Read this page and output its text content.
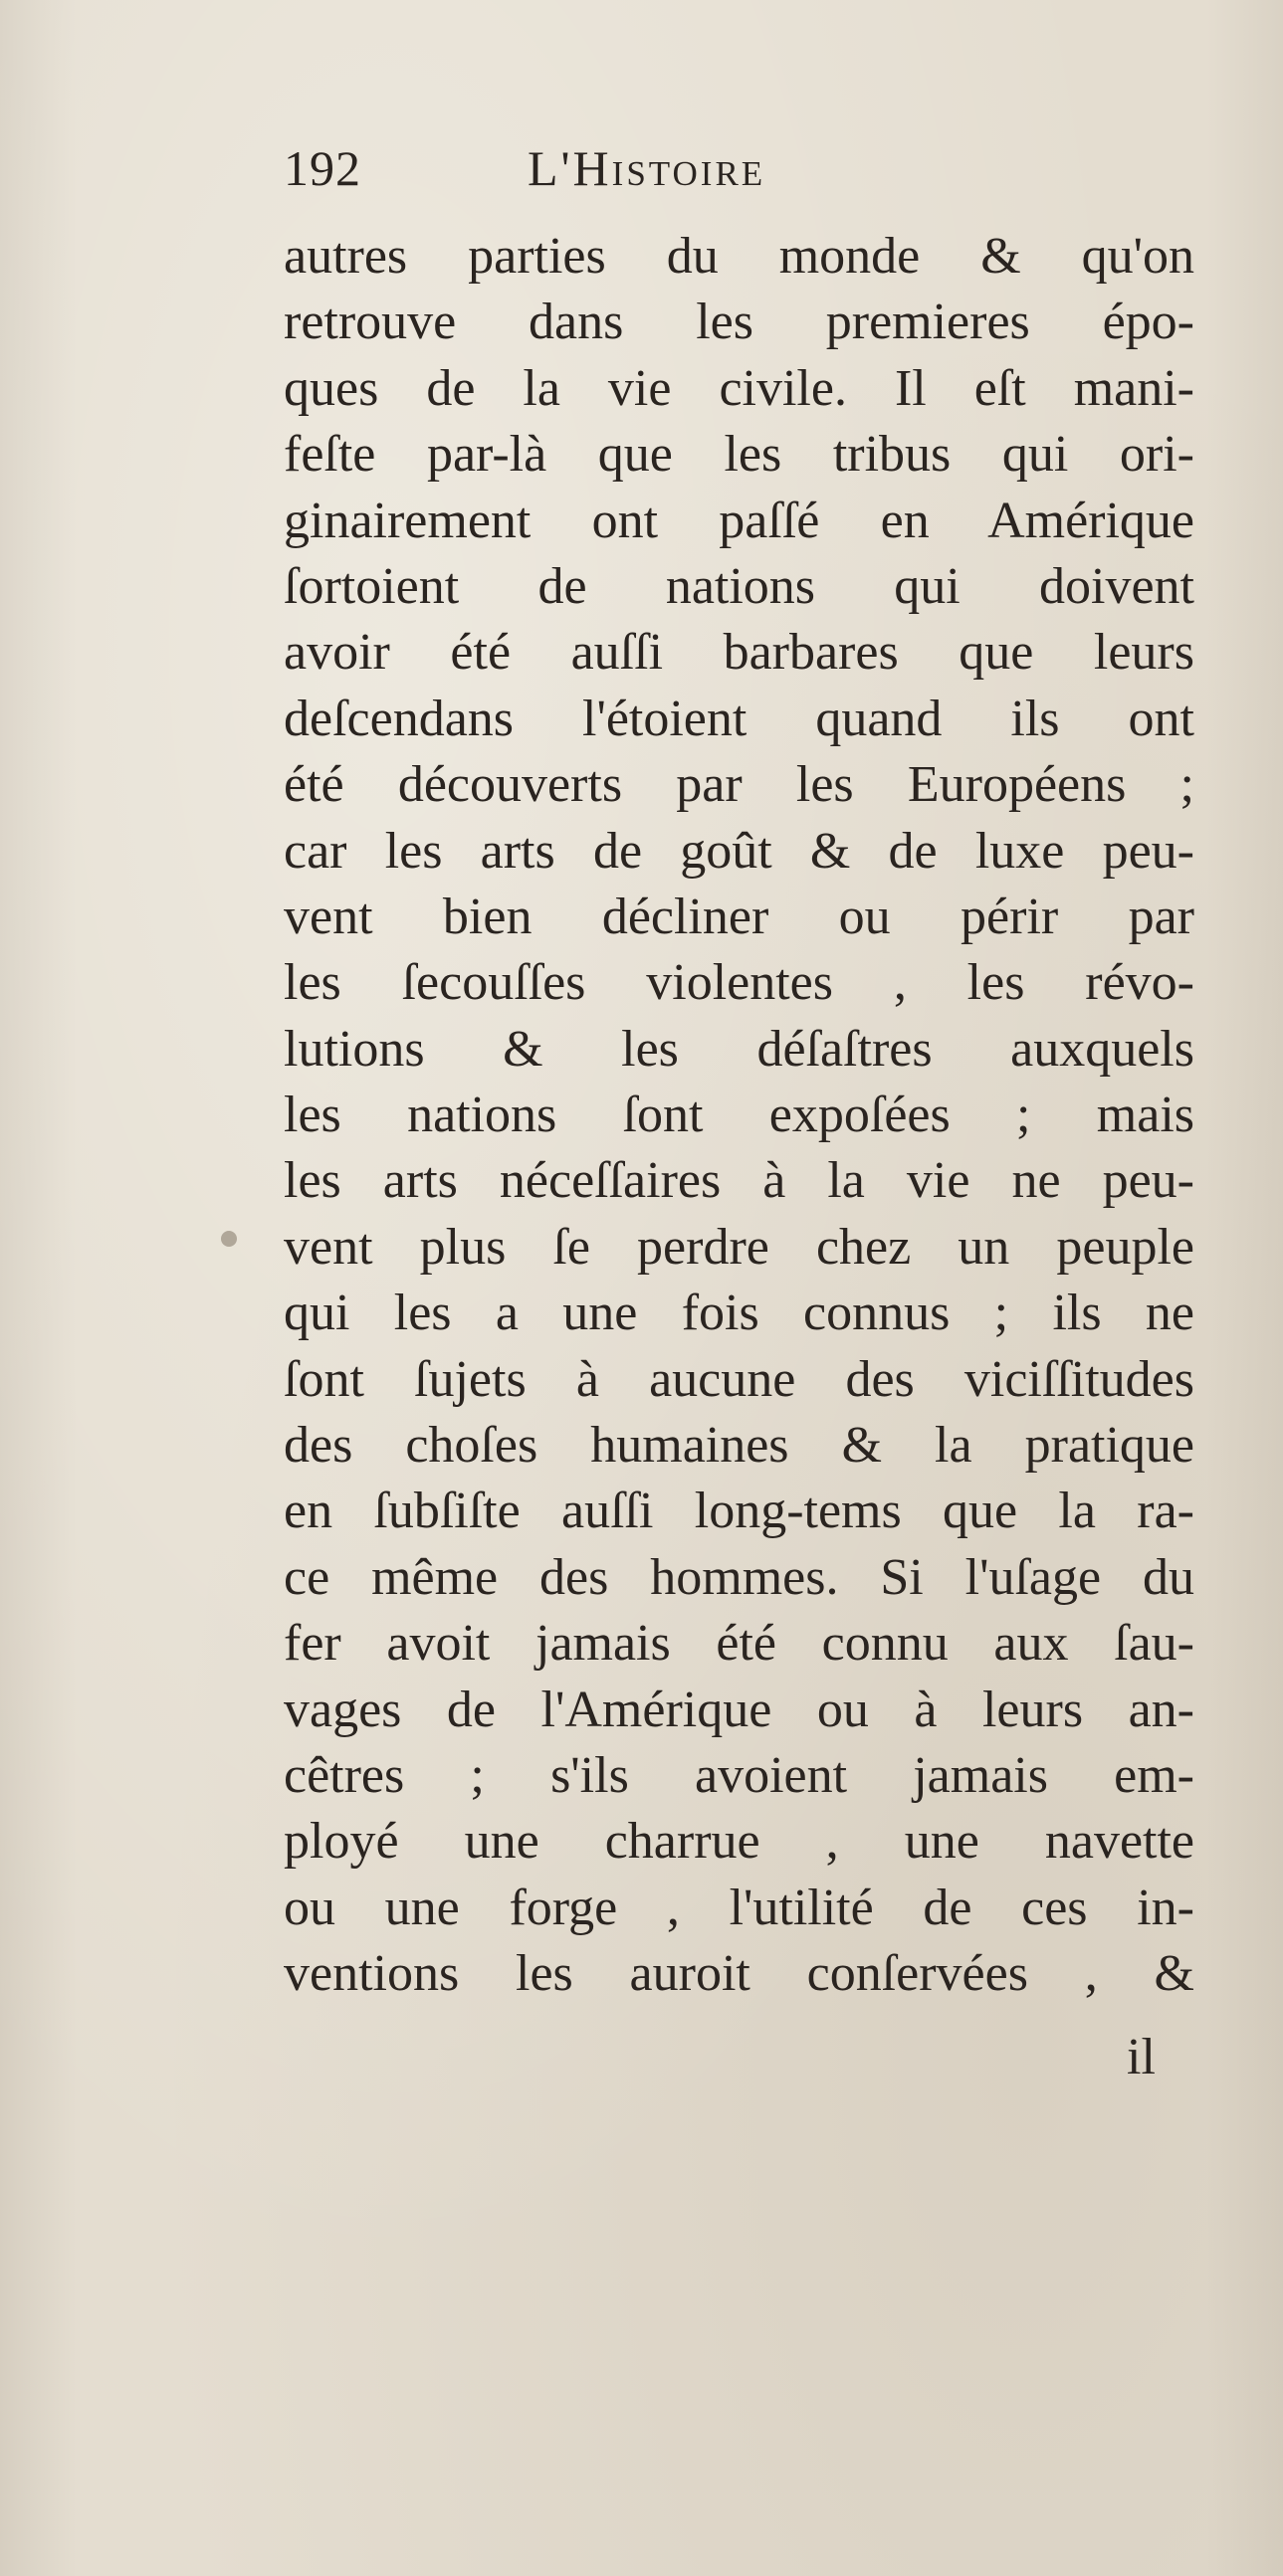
192	L'Histoire
autres parties du monde & qu'on
retrouve dans les premieres épo-
ques de la vie civile. Il eſt mani-
feſte par-là que les tribus qui ori-
ginairement ont paſſé en Amérique
ſortoient de nations qui doivent
avoir été auſſi barbares que leurs
deſcendans l'étoient quand ils ont
été découverts par les Européens ;
car les arts de goût & de luxe peu-
vent bien décliner ou périr par
les ſecouſſes violentes , les révo-
lutions & les déſaſtres auxquels
les nations ſont expoſées ; mais
les arts néceſſaires à la vie ne peu-
vent plus ſe perdre chez un peuple
qui les a une fois connus ; ils ne
ſont ſujets à aucune des viciſſitudes
des choſes humaines & la pratique
en ſubſiſte auſſi long-tems que la ra-
ce même des hommes. Si l'uſage du
fer avoit jamais été connu aux ſau-
vages de l'Amérique ou à leurs an-
cêtres ; s'ils avoient jamais em-
ployé une charrue , une navette
ou une forge , l'utilité de ces in-
ventions les auroit conſervées , &
il
